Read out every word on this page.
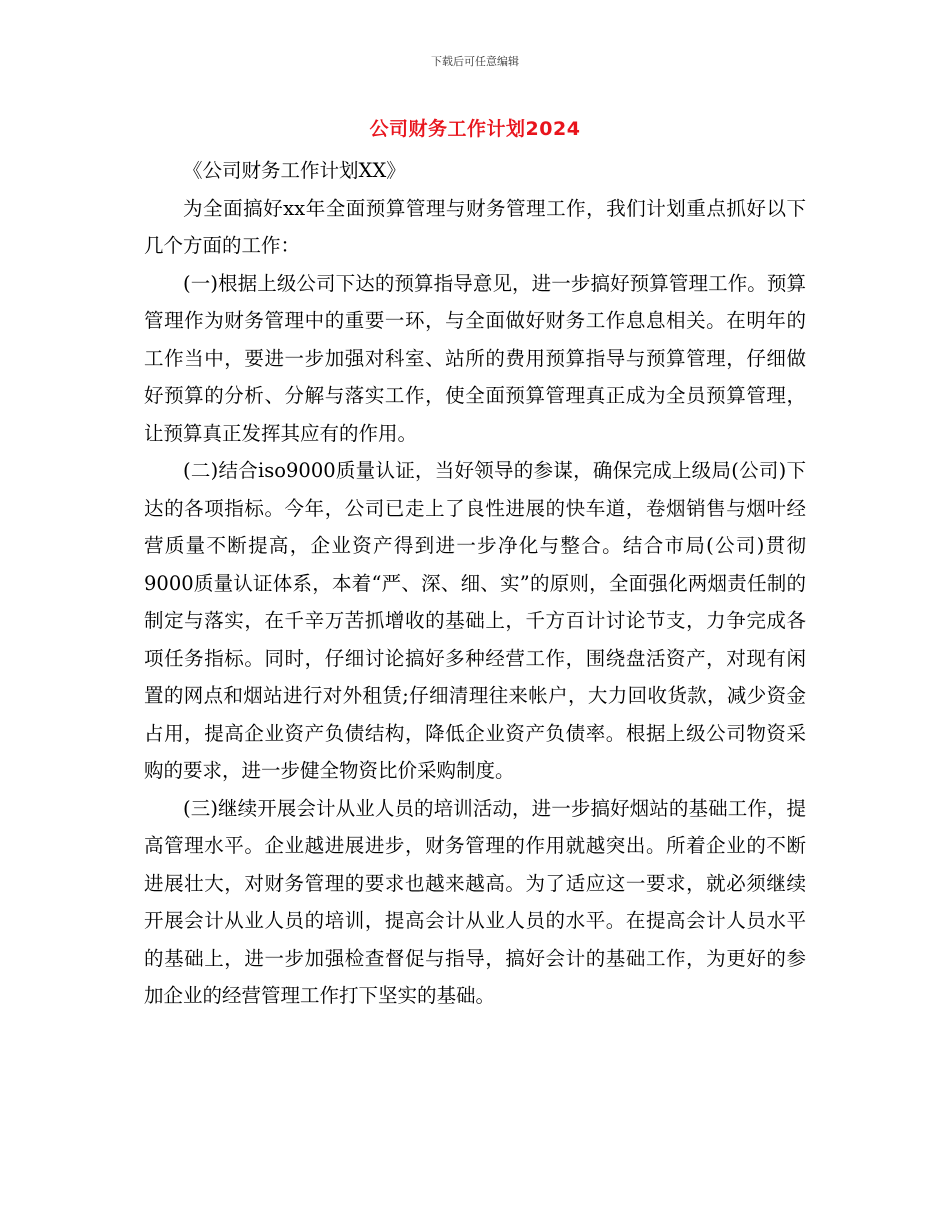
下载后可任意编辑
公司财务工作计划2024

《公司财务工作计划XX》

为全面搞好xx年全面预算管理与财务管理工作，我们计划重点抓好以下几个方面的工作：

(一)根据上级公司下达的预算指导意见，进一步搞好预算管理工作。预算管理作为财务管理中的重要一环，与全面做好财务工作息息相关。在明年的工作当中，要进一步加强对科室、站所的费用预算指导与预算管理，仔细做好预算的分析、分解与落实工作，使全面预算管理真正成为全员预算管理，让预算真正发挥其应有的作用。

(二)结合iso9000质量认证，当好领导的参谋，确保完成上级局(公司)下达的各项指标。今年，公司已走上了良性进展的快车道，卷烟销售与烟叶经营质量不断提高，企业资产得到进一步净化与整合。结合市局(公司)贯彻9000质量认证体系，本着“严、深、细、实”的原则，全面强化两烟责任制的制定与落实，在千辛万苦抓增收的基础上，千方百计讨论节支，力争完成各项任务指标。同时，仔细讨论搞好多种经营工作，围绕盘活资产，对现有闲置的网点和烟站进行对外租赁;仔细清理往来帐户，大力回收货款，减少资金占用，提高企业资产负债结构，降低企业资产负债率。根据上级公司物资采购的要求，进一步健全物资比价采购制度。

(三)继续开展会计从业人员的培训活动，进一步搞好烟站的基础工作，提高管理水平。企业越进展进步，财务管理的作用就越突出。所着企业的不断进展壮大，对财务管理的要求也越来越高。为了适应这一要求，就必须继续开展会计从业人员的培训，提高会计从业人员的水平。在提高会计人员水平的基础上，进一步加强检查督促与指导，搞好会计的基础工作，为更好的参加企业的经营管理工作打下坚实的基础。
